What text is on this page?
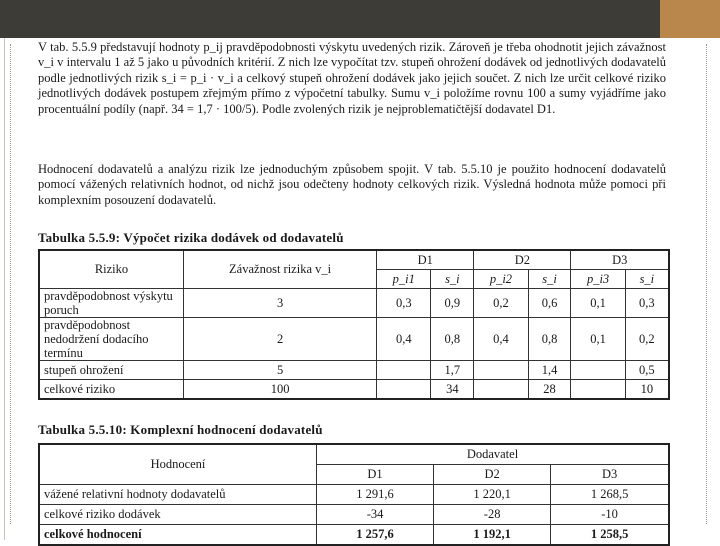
V tab. 5.5.9 představují hodnoty p_ij pravděpodobnosti výskytu uvedených rizik. Zároveň je třeba ohodnotit jejich závažnost v_i v intervalu 1 až 5 jako u původních kritérií. Z nich lze vypočítat tzv. stupeň ohrožení dodávek od jednotlivých dodavatelů podle jednotlivých rizik s_i = p_i · v_i a celkový stupeň ohrožení dodávek jako jejich součet. Z nich lze určit celkové riziko jednotlivých dodávek postupem zřejmým přímo z výpočetní tabulky. Sumu v_i položíme rovnu 100 a sumy vyjádříme jako procentuální podíly (např. 34 = 1,7 · 100/5). Podle zvolených rizik je nejproblematičtější dodavatel D1.

Hodnocení dodavatelů a analýzu rizik lze jednoduchým způsobem spojit. V tab. 5.5.10 je použito hodnocení dodavatelů pomocí vážených relativních hodnot, od nichž jsou odečteny hodnoty celkových rizik. Výsledná hodnota může pomoci při komplexním posouzení dodavatelů.

Tabulka 5.5.9: Výpočet rizika dodávek od dodavatelů
Riziko	Závažnost rizika v_i	D1		D2		D3	
		p_i1	s_i	p_i2	s_i	p_i3	s_i
pravděpodobnost výskytu poruch	3	0,3	0,9	0,2	0,6	0,1	0,3
pravděpodobnost nedodržení dodacího termínu	2	0,4	0,8	0,4	0,8	0,1	0,2
stupeň ohrožení	5		1,7		1,4		0,5
celkové riziko	100		34		28		10
Tabulka 5.5.10: Komplexní hodnocení dodavatelů
Hodnocení	Dodavatel		
	D1	D2	D3
vážené relativní hodnoty dodavatelů	1 291,6	1 220,1	1 268,5
celkové riziko dodávek	-34	-28	-10
celkové hodnocení	1 257,6	1 192,1	1 258,5
